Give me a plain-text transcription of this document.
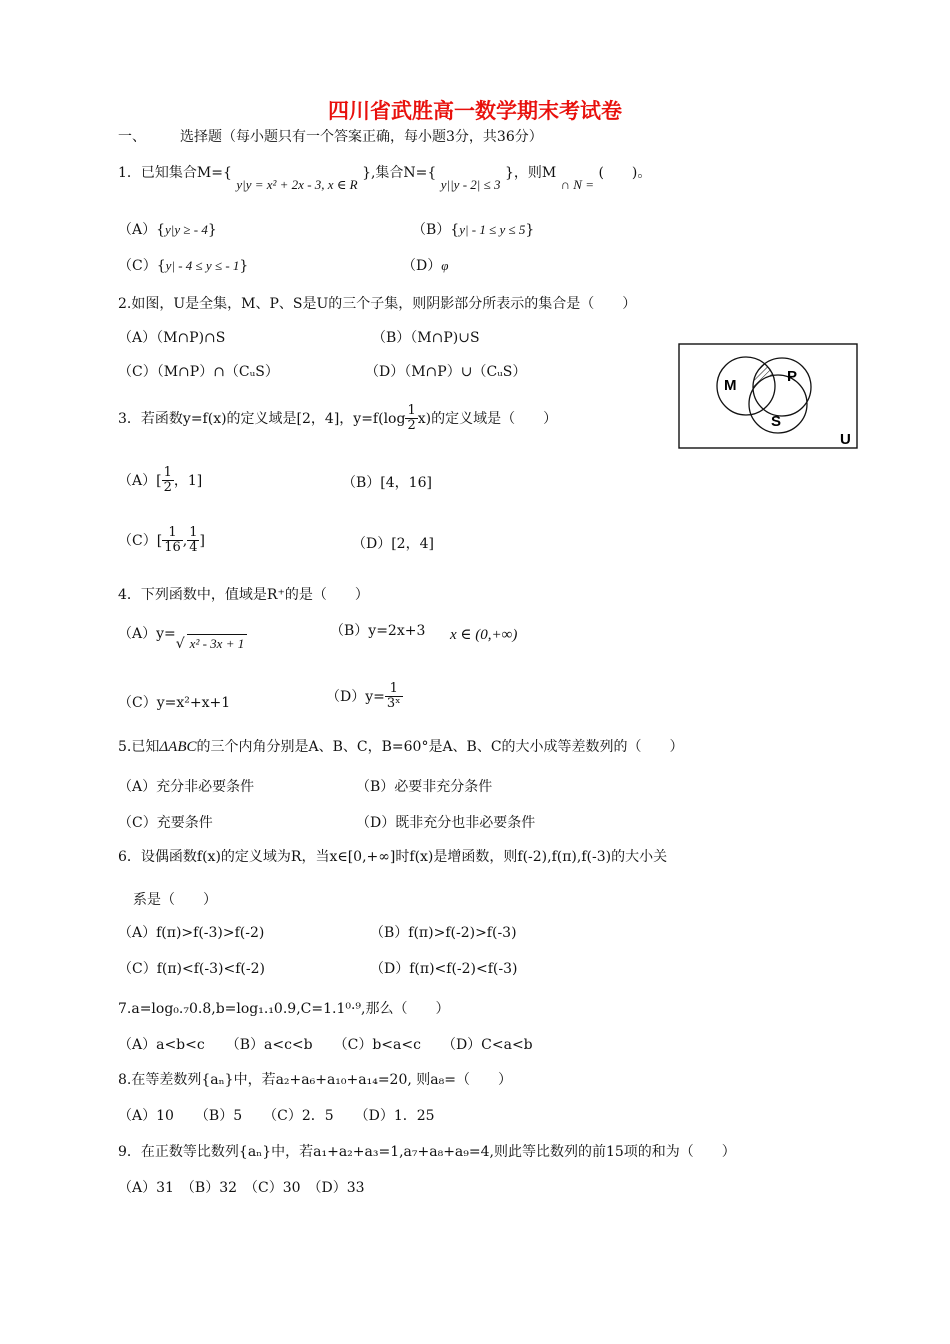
四川省武胜高一数学期末考试卷
一、 选择题（每小题只有一个答案正确，每小题3分，共36分）
1．已知集合M={ y|y = x² + 2x - 3, x ∈ R },集合N={ y||y - 2| ≤ 3 }，则M ∩ N = (　　)。
（A）{y|y ≥ - 4}	（B）{y| - 1 ≤ y ≤ 5}
（C）{y| - 4 ≤ y ≤ - 1}	（D）φ
2.如图，U是全集，M、P、S是U的三个子集，则阴影部分所表示的集合是（　　）
（A）（M∩P)∩S	（B）（M∩P)∪S
（C）（M∩P）∩（CᵤS）	（D）（M∩P）∪（CᵤS）
M
P
S
U
3．若函数y=f(x)的定义域是[2，4]，$y=f(\log \frac{1}{2} x)$的定义域是（　　）
$(A)[ \frac{1}{2}$ ，1]	（B）[4，16]
$(C)[ \frac{1}{16}$ , $\frac{1}{4}$ ]	（D）[2，4]
4．下列函数中，值域是R⁺的是（　　）
（A）y=√ x² - 3x + 1
（B）y=2x+3 x ∈ (0,+∞)
（C）y=x²+x+1	$(D)y= \frac{1}{\text{3ˣ}}$
5.已知ΔABC的三个内角分别是A、B、C，B=60°是A、B、C的大小成等差数列的（　　）
（A）充分非必要条件	（B）必要非充分条件
（C）充要条件	（D）既非充分也非必要条件
6．设偶函数f(x)的定义域为R，当x∈[0,+∞]时f(x)是增函数，则f(-2),f(π),f(-3)的大小关
系是（　　）
（A）f(π)>f(-3)>f(-2)	（B）f(π)>f(-2)>f(-3)
（C）f(π)<f(-3)<f(-2)	（D）f(π)<f(-2)<f(-3)
7.a=log₀.₇0.8,b=log₁.₁0.9,C=1.1⁰·⁹,那么（　　）
（A）a<b<c　　（B）a<c<b　　（C）b<a<c　　（D）C<a<b
8.在等差数列{aₙ}中，若a₂+a₆+a₁₀+a₁₄=20, 则a₈=（　　）
（A）10　　（B）5　　（C）2．5　　（D）1．25
9．在正数等比数列{aₙ}中，若a₁+a₂+a₃=1,a₇+a₈+a₉=4,则此等比数列的前15项的和为（　　）
（A）31　（B）32　（C）30　（D）33
